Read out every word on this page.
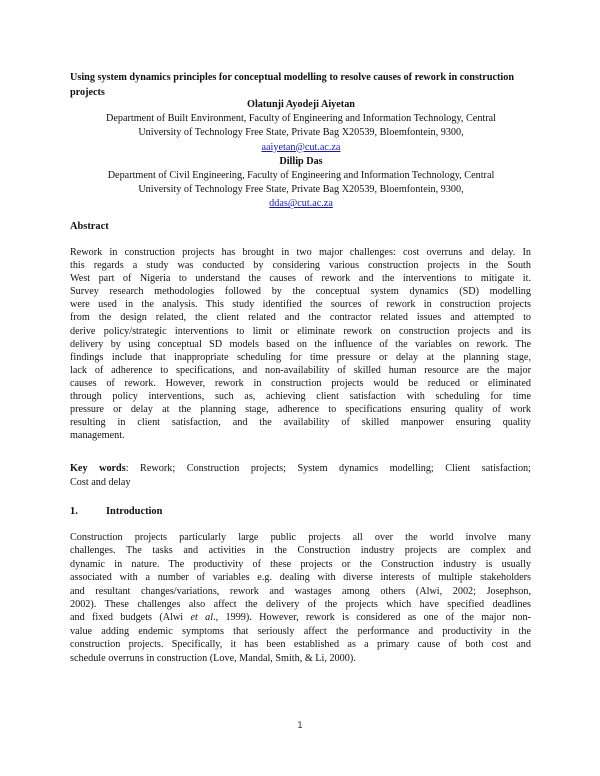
Using system dynamics principles for conceptual modelling to resolve causes of rework in construction projects
Olatunji Ayodeji Aiyetan
Department of Built Environment, Faculty of Engineering and Information Technology, Central
University of Technology Free State, Private Bag X20539, Bloemfontein, 9300,
aaiyetan@cut.ac.za
Dillip Das
Department of Civil Engineering, Faculty of Engineering and Information Technology, Central
University of Technology Free State, Private Bag X20539, Bloemfontein, 9300,
ddas@cut.ac.za
Abstract
Rework in construction projects has brought in two major challenges: cost overruns and delay. In
this regards a study was conducted by considering various construction projects in the South
West part of Nigeria to understand the causes of rework and the interventions to mitigate it.
Survey research methodologies followed by the conceptual system dynamics (SD) modelling
were used in the analysis. This study identified the sources of rework in construction projects
from the design related, the client related and the contractor related issues and attempted to
derive policy/strategic interventions to limit or eliminate rework on construction projects and its
delivery by using conceptual SD models based on the influence of the variables on rework. The
findings include that inappropriate scheduling for time pressure or delay at the planning stage,
lack of adherence to specifications, and non-availability of skilled human resource are the major
causes of rework. However, rework in construction projects would be reduced or eliminated
through policy interventions, such as, achieving client satisfaction with scheduling for time
pressure or delay at the planning stage, adherence to specifications ensuring quality of work
resulting in client satisfaction, and the availability of skilled manpower ensuring quality
management.
Key words: Rework; Construction projects; System dynamics modelling; Client satisfaction;
Cost and delay
1.	Introduction
Construction projects particularly large public projects all over the world involve many
challenges. The tasks and activities in the Construction industry projects are complex and
dynamic in nature. The productivity of these projects or the Construction industry is usually
associated with a number of variables e.g. dealing with diverse interests of multiple stakeholders
and resultant changes/variations, rework and wastages among others (Alwi, 2002; Josephson,
2002). These challenges also affect the delivery of the projects which have specified deadlines
and fixed budgets (Alwi et al., 1999). However, rework is considered as one of the major non-
value adding endemic symptoms that seriously affect the performance and productivity in the
construction projects. Specifically, it has been established as a primary cause of both cost and
schedule overruns in construction (Love, Mandal, Smith, & Li, 2000).
1
